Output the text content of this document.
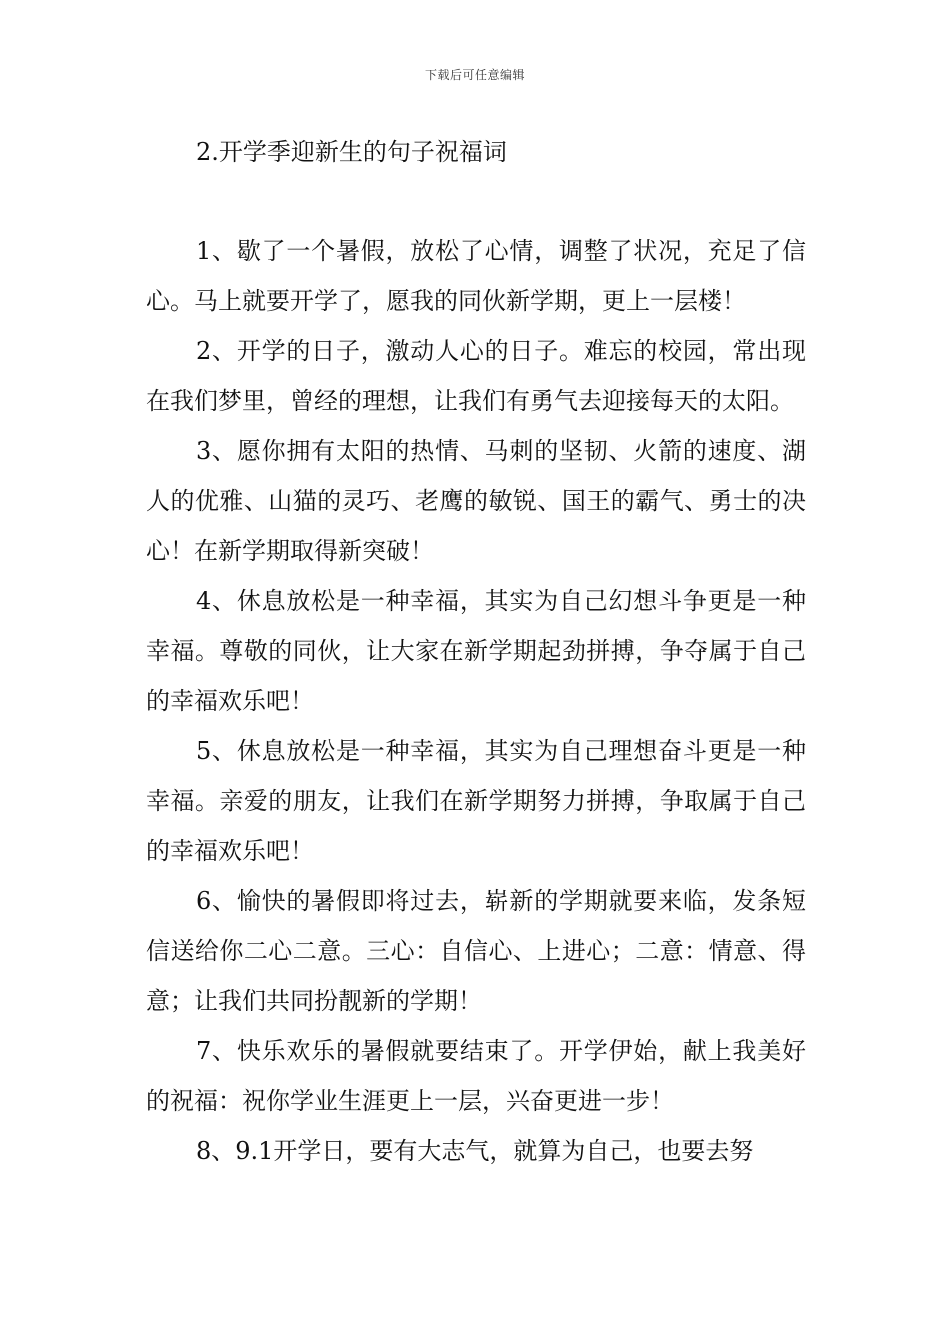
下载后可任意编辑
2.开学季迎新生的句子祝福词

1、歇了一个暑假，放松了心情，调整了状况，充足了信心。马上就要开学了，愿我的同伙新学期，更上一层楼！

2、开学的日子，激动人心的日子。难忘的校园，常出现在我们梦里，曾经的理想，让我们有勇气去迎接每天的太阳。

3、愿你拥有太阳的热情、马刺的坚韧、火箭的速度、湖人的优雅、山猫的灵巧、老鹰的敏锐、国王的霸气、勇士的决心！在新学期取得新突破！

4、休息放松是一种幸福，其实为自己幻想斗争更是一种幸福。尊敬的同伙，让大家在新学期起劲拼搏，争夺属于自己的幸福欢乐吧！

5、休息放松是一种幸福，其实为自己理想奋斗更是一种幸福。亲爱的朋友，让我们在新学期努力拼搏，争取属于自己的幸福欢乐吧！

6、愉快的暑假即将过去，崭新的学期就要来临，发条短信送给你二心二意。三心：自信心、上进心；二意：情意、得意；让我们共同扮靓新的学期！

7、快乐欢乐的暑假就要结束了。开学伊始，献上我美好的祝福：祝你学业生涯更上一层，兴奋更进一步！

8、9.1开学日，要有大志气，就算为自己，也要去努
